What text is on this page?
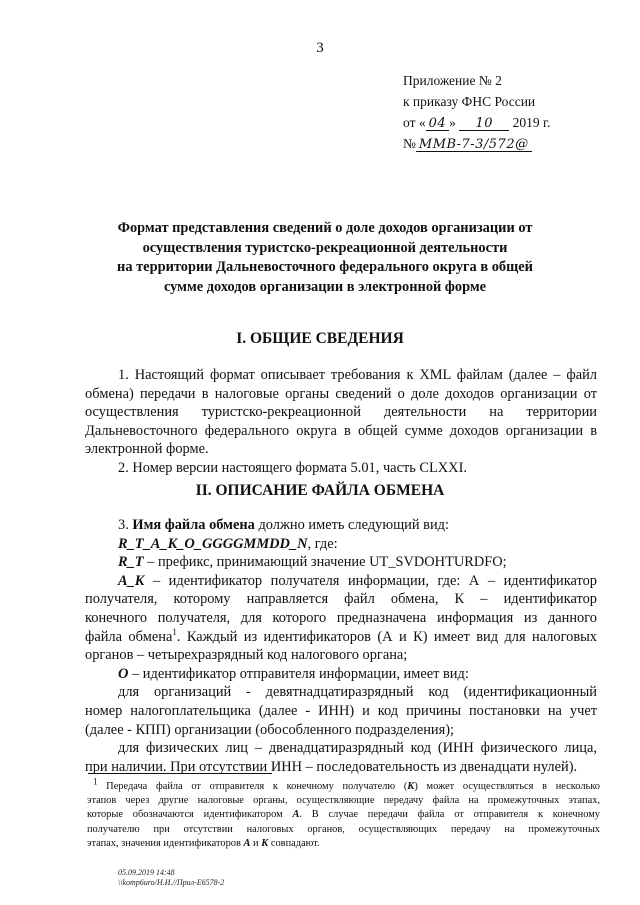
3
Приложение № 2
к приказу ФНС России
от « 04 » 10 2019 г.
№ ММВ-7-3/572@
Формат представления сведений о доле доходов организации от
осуществления туристско-рекреационной деятельности
на территории Дальневосточного федерального округа в общей
сумме доходов организации в электронной форме
I. ОБЩИЕ СВЕДЕНИЯ
1. Настоящий формат описывает требования к XML файлам (далее – файл
обмена) передачи в налоговые органы сведений о доле доходов организации от
осуществления туристско-рекреационной деятельности на территории
Дальневосточного федерального округа в общей сумме доходов организации в
электронной форме.
2. Номер версии настоящего формата 5.01, часть CLXXI.
II. ОПИСАНИЕ ФАЙЛА ОБМЕНА
3. Имя файла обмена должно иметь следующий вид:
R_T_A_K_O_GGGGMMDD_N, где:
R_T – префикс, принимающий значение UT_SVDOHTURDFO;
A_K – идентификатор получателя информации, где: А – идентификатор
получателя, которому направляется файл обмена, К – идентификатор
конечного получателя, для которого предназначена информация из данного
файла обмена$^1$. Каждый из идентификаторов (А и К) имеет вид для налоговых
органов – четырехразрядный код налогового органа;
O – идентификатор отправителя информации, имеет вид:
для организаций - девятнадцатиразрядный код (идентификационный
номер налогоплательщика (далее - ИНН) и код причины постановки на учет
(далее - КПП) организации (обособленного подразделения);
для физических лиц – двенадцатиразрядный код (ИНН физического лица,
при наличии. При отсутствии ИНН – последовательность из двенадцати нулей).
$^1$ Передача файла от отправителя к конечному получателю (К) может осуществляться в несколько
этапов через другие налоговые органы, осуществляющие передачу файла на промежуточных этапах,
которые обозначаются идентификатором А. В случае передачи файла от отправителя к конечному
получателю при отсутствии налоговых органов, осуществляющих передачу на промежуточных
этапах, значения идентификаторов А и К совпадают.
05.09.2019 14:48
\\komp6uro/Н.И.//Прил-Е6578-2
